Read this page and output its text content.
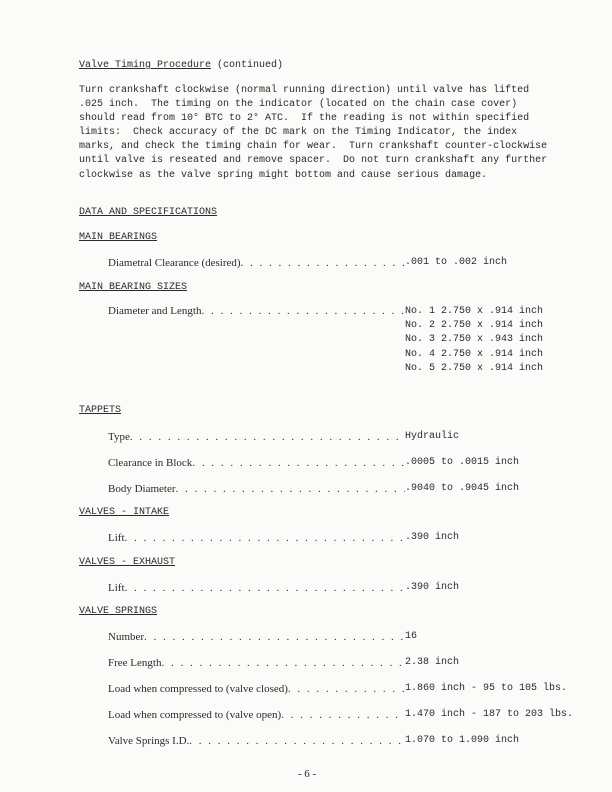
Valve Timing Procedure (continued)
Turn crankshaft clockwise (normal running direction) until valve has lifted
.025 inch.  The timing on the indicator (located on the chain case cover)
should read from 10° BTC to 2° ATC.  If the reading is not within specified
limits:  Check accuracy of the DC mark on the Timing Indicator, the index
marks, and check the timing chain for wear.  Turn crankshaft counter-clockwise
until valve is reseated and remove spacer.  Do not turn crankshaft any further
clockwise as the valve spring might bottom and cause serious damage.
DATA AND SPECIFICATIONS
MAIN BEARINGS
Diametral Clearance (desired) . . .	.001 to .002 inch
MAIN BEARING SIZES
Diameter and Length . . .	No. 1 2.750 x .914 inch
No. 2 2.750 x .914 inch
No. 3 2.750 x .943 inch
No. 4 2.750 x .914 inch
No. 5 2.750 x .914 inch
TAPPETS
Type . . .	Hydraulic
Clearance in Block . . .	.0005 to .0015 inch
Body Diameter . . .	.9040 to .9045 inch
VALVES - INTAKE
Lift . . .	.390 inch
VALVES - EXHAUST
Lift . . .	.390 inch
VALVE SPRINGS
Number . . .	16
Free Length . . .	2.38 inch
Load when compressed to (valve closed) . . .	1.860 inch - 95 to 105 lbs.
Load when compressed to (valve open) . . .	1.470 inch - 187 to 203 lbs.
Valve Springs I.D. . . .	1.070 to 1.090 inch
- 6 -
